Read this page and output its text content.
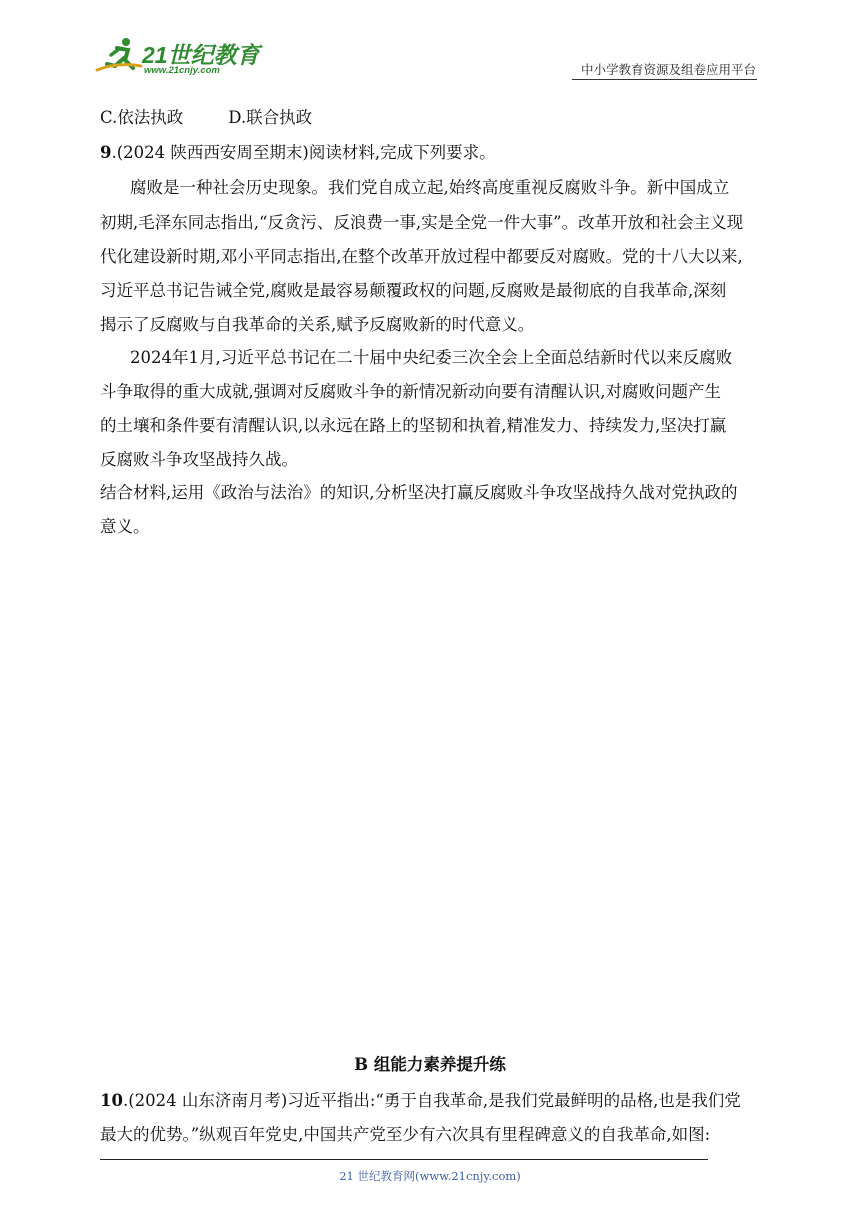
21世纪教育
www.21cnjy.com	中小学教育资源及组卷应用平台
C.依法执政	D.联合执政
9.(2024 陕西西安周至期末)阅读材料,完成下列要求。
腐败是一种社会历史现象。我们党自成立起,始终高度重视反腐败斗争。新中国成立
初期,毛泽东同志指出,“反贪污、反浪费一事,实是全党一件大事”。改革开放和社会主义现
代化建设新时期,邓小平同志指出,在整个改革开放过程中都要反对腐败。党的十八大以来,
习近平总书记告诫全党,腐败是最容易颠覆政权的问题,反腐败是最彻底的自我革命,深刻
揭示了反腐败与自我革命的关系,赋予反腐败新的时代意义。
2024年1月,习近平总书记在二十届中央纪委三次全会上全面总结新时代以来反腐败
斗争取得的重大成就,强调对反腐败斗争的新情况新动向要有清醒认识,对腐败问题产生
的土壤和条件要有清醒认识,以永远在路上的坚韧和执着,精准发力、持续发力,坚决打赢
反腐败斗争攻坚战持久战。
结合材料,运用《政治与法治》的知识,分析坚决打赢反腐败斗争攻坚战持久战对党执政的
意义。
B 组能力素养提升练
10.(2024 山东济南月考)习近平指出:“勇于自我革命,是我们党最鲜明的品格,也是我们党
最大的优势。”纵观百年党史,中国共产党至少有六次具有里程碑意义的自我革命,如图:
21 世纪教育网(www.21cnjy.com)
